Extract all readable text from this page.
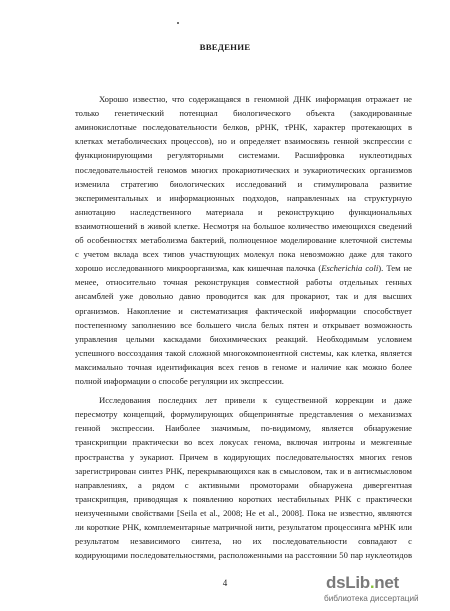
ВВЕДЕНИЕ
Хорошо известно, что содержащаяся в геномной ДНК информация отражает не
только генетический потенциал биологического объекта (закодированные
аминокислотные последовательности белков, рРНК, тРНК, характер протекающих в
клетках метаболических процессов), но и определяет взаимосвязь генной экспрессии с
функционирующими регуляторными системами. Расшифровка нуклеотидных
последовательностей геномов многих прокариотических и эукариотических организмов
изменила стратегию биологических исследований и стимулировала развитие
экспериментальных и информационных подходов, направленных на структурную
аннотацию наследственного материала и реконструкцию функциональных
взаимотношений в живой клетке. Несмотря на большое количество имеющихся сведений
об особенностях метаболизма бактерий, полноценное моделирование клеточной системы
с учетом вклада всех типов участвующих молекул пока невозможно даже для такого
хорошо исследованного микроорганизма, как кишечная палочка (Escherichia coli). Тем не
менее, относительно точная реконструкция совместной работы отдельных генных
ансамблей уже довольно давно проводится как для прокариот, так и для высших
организмов. Накопление и систематизация фактической информации способствует
постепенному заполнению все большего числа белых пятен и открывает возможность
управления целыми каскадами биохимических реакций. Необходимым условием
успешного воссоздания такой сложной многокомпонентной системы, как клетка, является
максимально точная идентификация всех генов в геноме и наличие как можно более
полной информации о способе регуляции их экспрессии.
Исследования последних лет привели к существенной коррекции и даже
пересмотру концепций, формулирующих общепринятые представления о механизмах
генной экспрессии. Наиболее значимым, по-видимому, является обнаружение
транскрипции практически во всех локусах генома, включая интроны и межгенные
пространства у эукариот. Причем в кодирующих последовательностях многих генов
зарегистрирован синтез РНК, перекрывающихся как в смысловом, так и в антисмысловом
направлениях, а рядом с активными промоторами обнаружена дивергентная
транскрипция, приводящая к появлению коротких нестабильных РНК с практически
неизученными свойствами [Seila et al., 2008; He et al., 2008]. Пока не известно, являются
ли короткие РНК, комплементарные матричной нити, результатом процессинга мРНК или
результатом независимого синтеза, но их последовательности совпадают с
кодирующими последовательностями, расположенными на расстоянии 50 пар нуклеотидов
4	dsLib.net
библиотека диссертаций
